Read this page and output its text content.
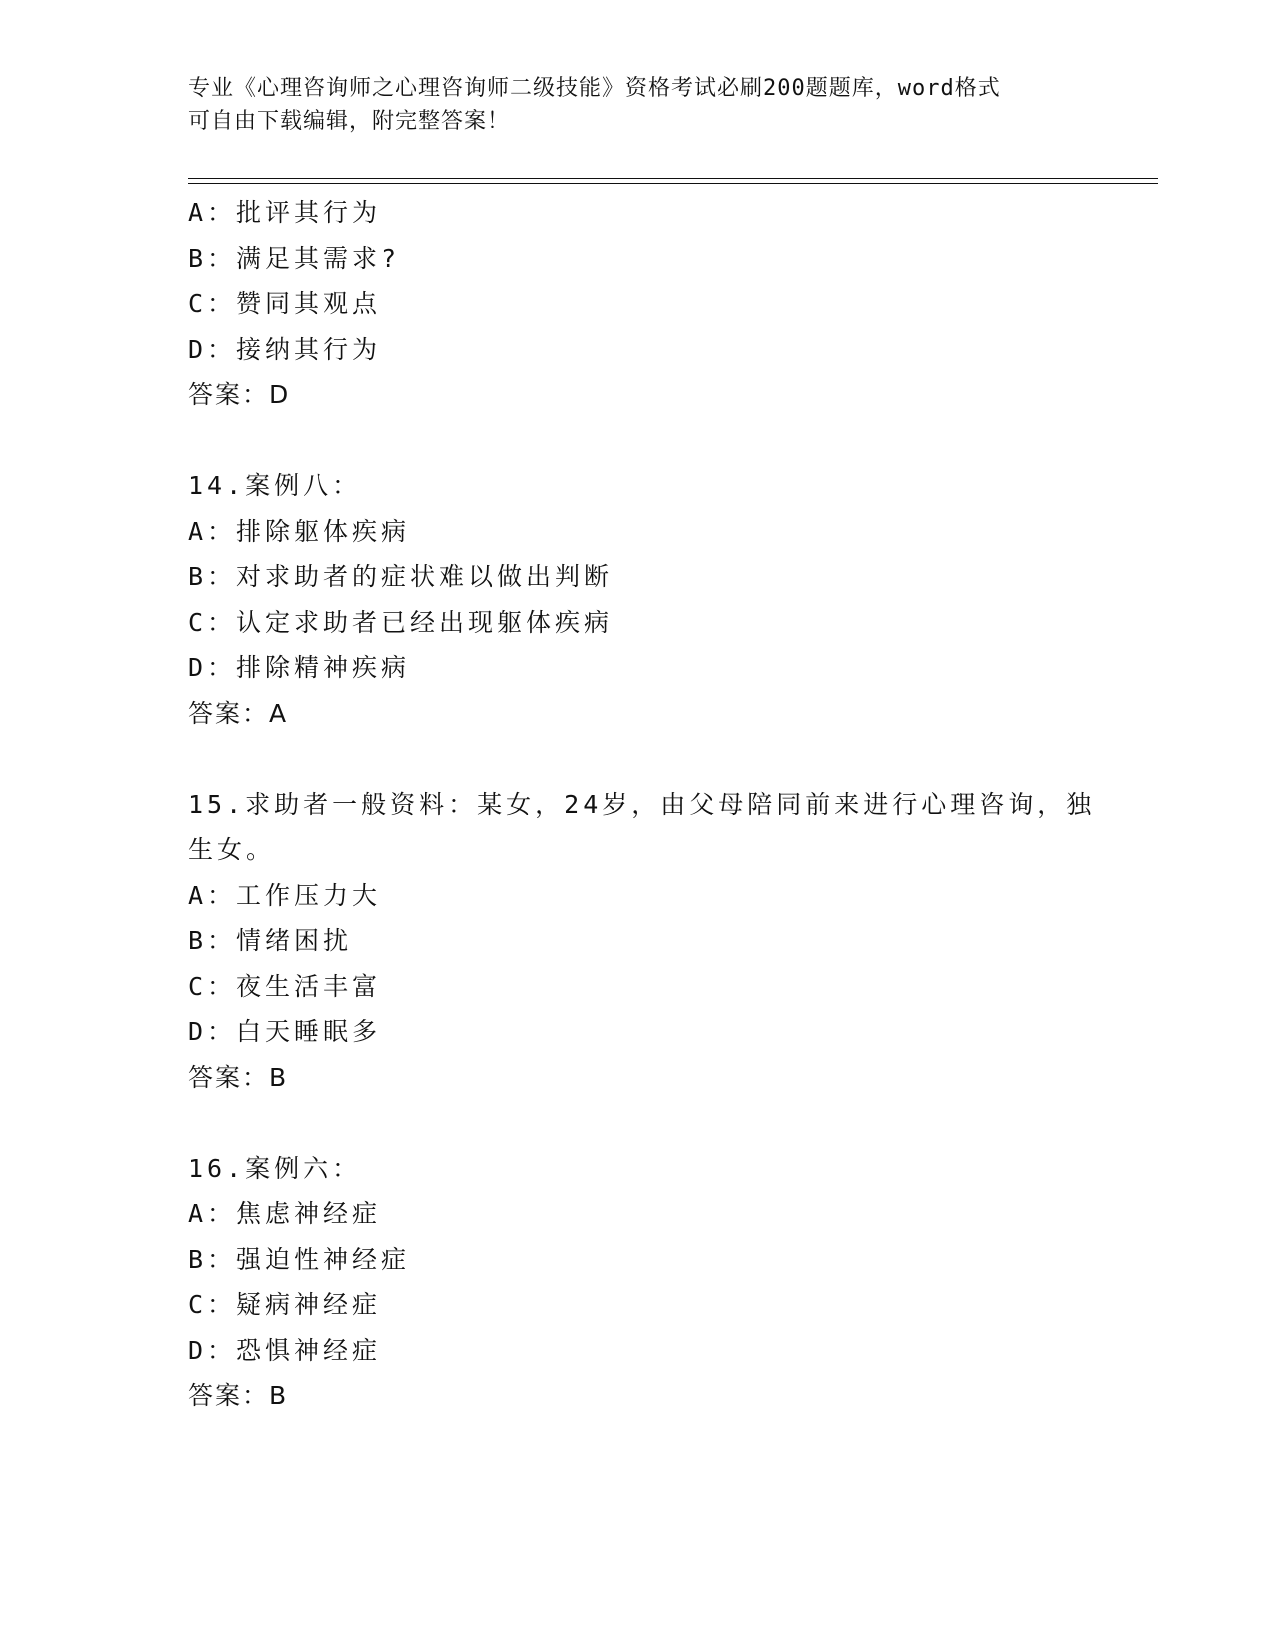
专业《心理咨询师之心理咨询师二级技能》资格考试必刷200题题库，word格式
可自由下载编辑，附完整答案！
A：批评其行为
B：满足其需求?
C：赞同其观点
D：接纳其行为
答案：D
14.案例八：
A：排除躯体疾病
B：对求助者的症状难以做出判断
C：认定求助者已经出现躯体疾病
D：排除精神疾病
答案：A
15.求助者一般资料：某女，24岁，由父母陪同前来进行心理咨询，独
生女。
A：工作压力大
B：情绪困扰
C：夜生活丰富
D：白天睡眠多
答案：B
16.案例六：
A：焦虑神经症
B：强迫性神经症
C：疑病神经症
D：恐惧神经症
答案：B
